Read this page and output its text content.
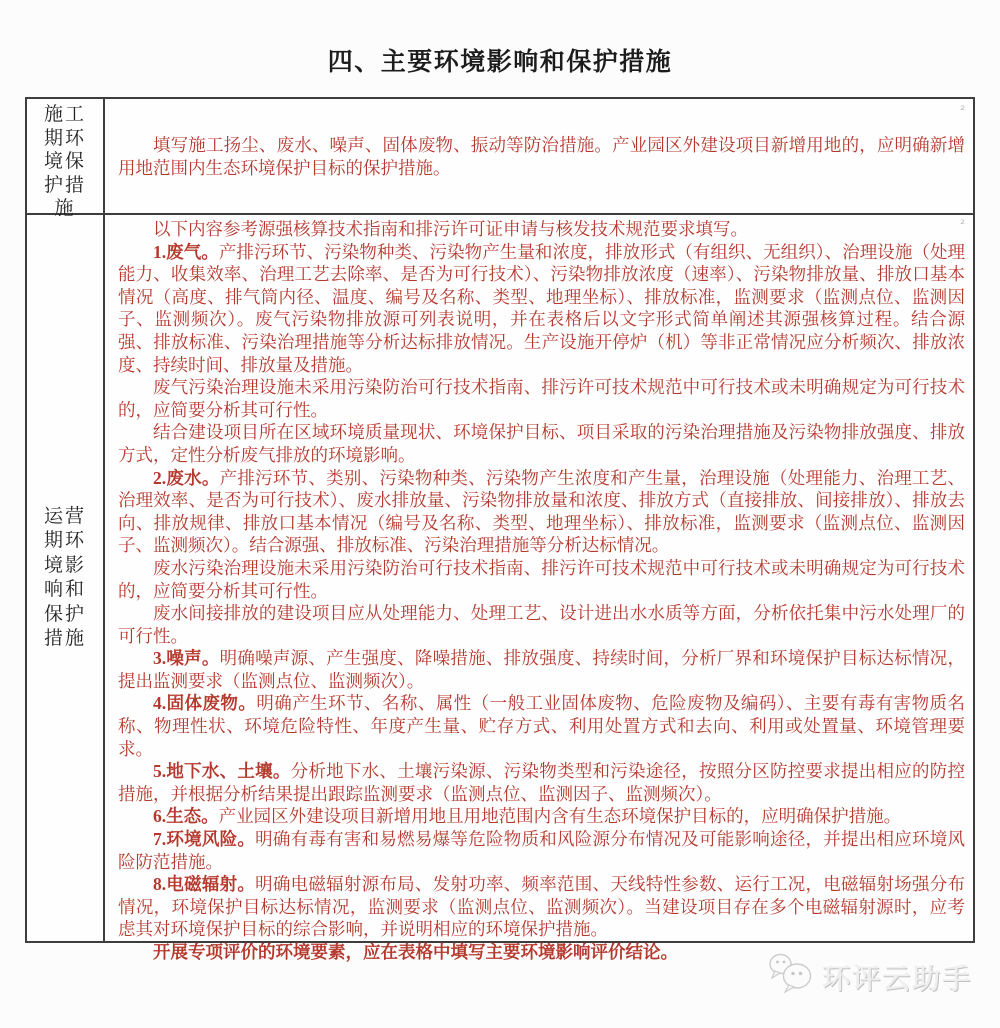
四、主要环境影响和保护措施
施工
期环
境保
护措
施

填写施工扬尘、废水、噪声、固体废物、振动等防治措施。产业园区外建设项目新增用地的，应明确新增用地范围内生态环境保护目标的保护措施。

运营
期环
境影
响和
保护
措施

以下内容参考源强核算技术指南和排污许可证申请与核发技术规范要求填写。

1.废气。产排污环节、污染物种类、污染物产生量和浓度，排放形式（有组织、无组织）、治理设施（处理能力、收集效率、治理工艺去除率、是否为可行技术）、污染物排放浓度（速率）、污染物排放量、排放口基本情况（高度、排气筒内径、温度、编号及名称、类型、地理坐标）、排放标准，监测要求（监测点位、监测因子、监测频次）。废气污染物排放源可列表说明，并在表格后以文字形式简单阐述其源强核算过程。结合源强、排放标准、污染治理措施等分析达标排放情况。生产设施开停炉（机）等非正常情况应分析频次、排放浓度、持续时间、排放量及措施。

废气污染治理设施未采用污染防治可行技术指南、排污许可技术规范中可行技术或未明确规定为可行技术的，应简要分析其可行性。

结合建设项目所在区域环境质量现状、环境保护目标、项目采取的污染治理措施及污染物排放强度、排放方式，定性分析废气排放的环境影响。

2.废水。产排污环节、类别、污染物种类、污染物产生浓度和产生量，治理设施（处理能力、治理工艺、治理效率、是否为可行技术）、废水排放量、污染物排放量和浓度、排放方式（直接排放、间接排放）、排放去向、排放规律、排放口基本情况（编号及名称、类型、地理坐标）、排放标准，监测要求（监测点位、监测因子、监测频次）。结合源强、排放标准、污染治理措施等分析达标情况。

废水污染治理设施未采用污染防治可行技术指南、排污许可技术规范中可行技术或未明确规定为可行技术的，应简要分析其可行性。

废水间接排放的建设项目应从处理能力、处理工艺、设计进出水水质等方面，分析依托集中污水处理厂的可行性。

3.噪声。明确噪声源、产生强度、降噪措施、排放强度、持续时间，分析厂界和环境保护目标达标情况，提出监测要求（监测点位、监测频次）。

4.固体废物。明确产生环节、名称、属性（一般工业固体废物、危险废物及编码）、主要有毒有害物质名称、物理性状、环境危险特性、年度产生量、贮存方式、利用处置方式和去向、利用或处置量、环境管理要求。

5.地下水、土壤。分析地下水、土壤污染源、污染物类型和污染途径，按照分区防控要求提出相应的防控措施，并根据分析结果提出跟踪监测要求（监测点位、监测因子、监测频次）。

6.生态。产业园区外建设项目新增用地且用地范围内含有生态环境保护目标的，应明确保护措施。

7.环境风险。明确有毒有害和易燃易爆等危险物质和风险源分布情况及可能影响途径，并提出相应环境风险防范措施。

8.电磁辐射。明确电磁辐射源布局、发射功率、频率范围、天线特性参数、运行工况，电磁辐射场强分布情况，环境保护目标达标情况，监测要求（监测点位、监测频次）。当建设项目存在多个电磁辐射源时，应考虑其对环境保护目标的综合影响，并说明相应的环境保护措施。

开展专项评价的环境要素，应在表格中填写主要环境影响评价结论。

²
²
环评云助手
